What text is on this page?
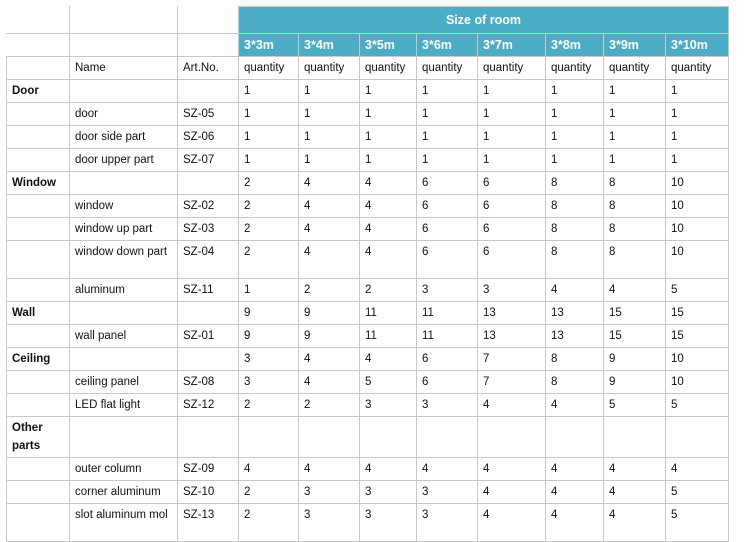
			Size of room							
			3*3m	3*4m	3*5m	3*6m	3*7m	3*8m	3*9m	3*10m
	Name	Art.No.	quantity	quantity	quantity	quantity	quantity	quantity	quantity	quantity
Door			1	1	1	1	1	1	1	1
	door	SZ-05	1	1	1	1	1	1	1	1
	door side part	SZ-06	1	1	1	1	1	1	1	1
	door upper part	SZ-07	1	1	1	1	1	1	1	1
Window			2	4	4	6	6	8	8	10
	window	SZ-02	2	4	4	6	6	8	8	10
	window up part	SZ-03	2	4	4	6	6	8	8	10
	window down part	SZ-04	2	4	4	6	6	8	8	10
	aluminum	SZ-11	1	2	2	3	3	4	4	5
Wall			9	9	11	11	13	13	15	15
	wall panel	SZ-01	9	9	11	11	13	13	15	15
Ceiling			3	4	4	6	7	8	9	10
	ceiling panel	SZ-08	3	4	5	6	7	8	9	10
	LED flat light	SZ-12	2	2	3	3	4	4	5	5
Other parts										
	outer column	SZ-09	4	4	4	4	4	4	4	4
	corner aluminum	SZ-10	2	3	3	3	4	4	4	5
	slot aluminum mol	SZ-13	2	3	3	3	4	4	4	5
